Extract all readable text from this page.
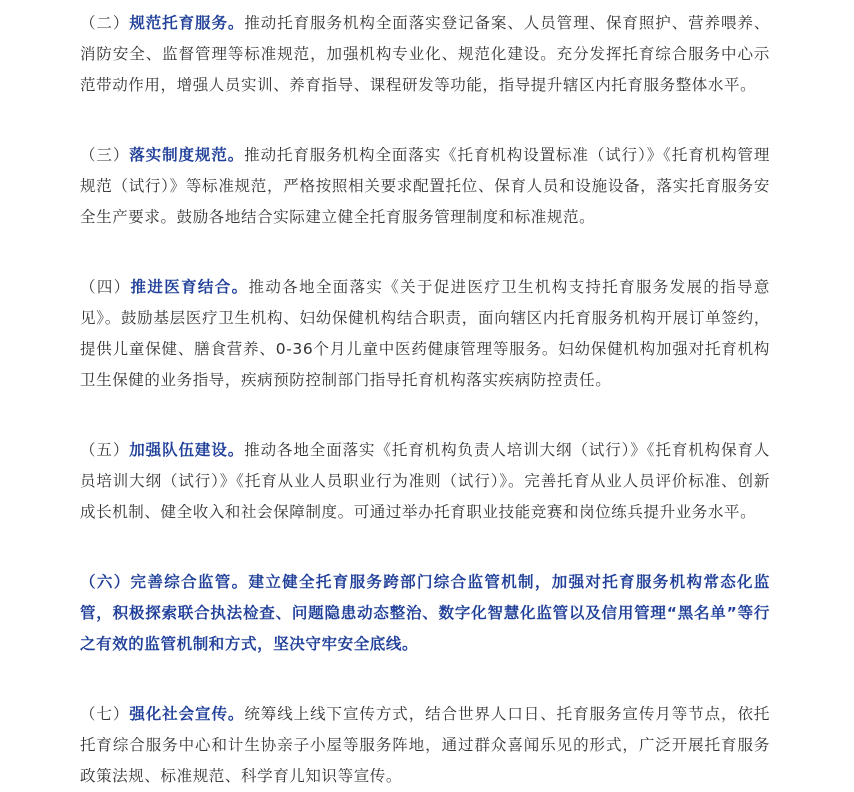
（二）规范托育服务。推动托育服务机构全面落实登记备案、人员管理、保育照护、营养喂养、消防安全、监督管理等标准规范，加强机构专业化、规范化建设。充分发挥托育综合服务中心示范带动作用，增强人员实训、养育指导、课程研发等功能，指导提升辖区内托育服务整体水平。

（三）落实制度规范。推动托育服务机构全面落实《托育机构设置标准（试行）》《托育机构管理规范（试行）》等标准规范，严格按照相关要求配置托位、保育人员和设施设备，落实托育服务安全生产要求。鼓励各地结合实际建立健全托育服务管理制度和标准规范。

（四）推进医育结合。推动各地全面落实《关于促进医疗卫生机构支持托育服务发展的指导意见》。鼓励基层医疗卫生机构、妇幼保健机构结合职责，面向辖区内托育服务机构开展订单签约，提供儿童保健、膳食营养、0-36个月儿童中医药健康管理等服务。妇幼保健机构加强对托育机构卫生保健的业务指导，疾病预防控制部门指导托育机构落实疾病防控责任。

（五）加强队伍建设。推动各地全面落实《托育机构负责人培训大纲（试行）》《托育机构保育人员培训大纲（试行）》《托育从业人员职业行为准则（试行）》。完善托育从业人员评价标准、创新成长机制、健全收入和社会保障制度。可通过举办托育职业技能竞赛和岗位练兵提升业务水平。

（六）完善综合监管。建立健全托育服务跨部门综合监管机制，加强对托育服务机构常态化监管，积极探索联合执法检查、问题隐患动态整治、数字化智慧化监管以及信用管理“黑名单”等行之有效的监管机制和方式，坚决守牢安全底线。

（七）强化社会宣传。统筹线上线下宣传方式，结合世界人口日、托育服务宣传月等节点，依托托育综合服务中心和计生协亲子小屋等服务阵地，通过群众喜闻乐见的形式，广泛开展托育服务政策法规、标准规范、科学育儿知识等宣传。
